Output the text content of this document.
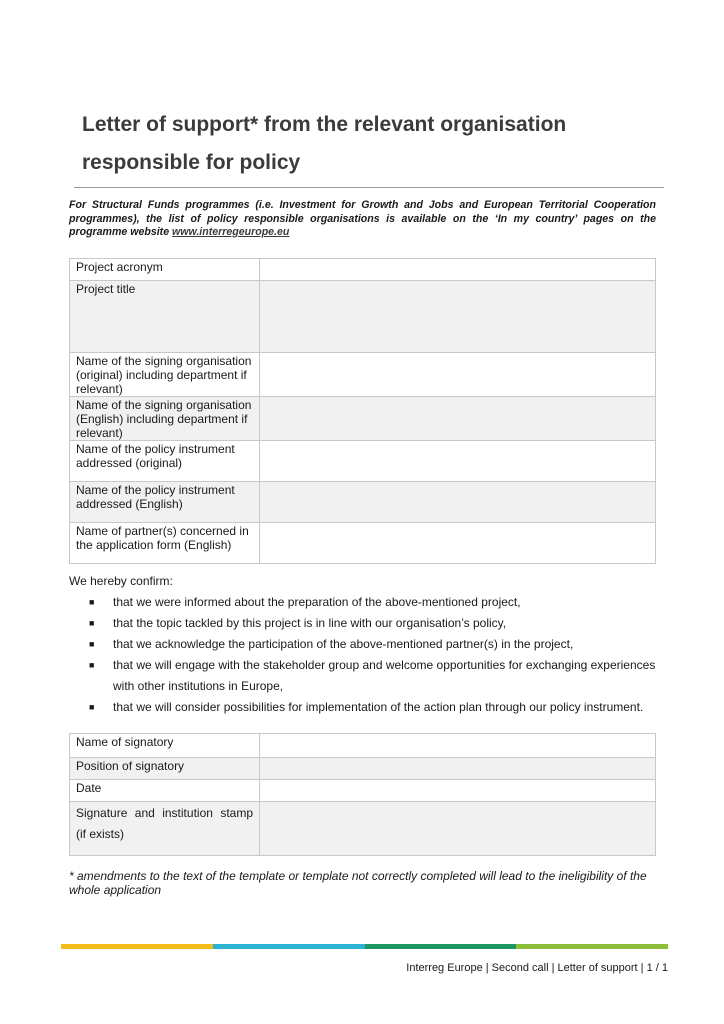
Letter of support* from the relevant organisation
responsible for policy
For Structural Funds programmes (i.e. Investment for Growth and Jobs and European Territorial Cooperation programmes), the list of policy responsible organisations is available on the ‘In my country’ pages on the programme website www.interregeurope.eu
Project acronym	

Project title	

Name of the signing organisation (original) including department if relevant)	

Name of the signing organisation (English) including department if relevant)	

Name of the policy instrument addressed (original)	

Name of the policy instrument addressed (English)	

Name of partner(s) concerned in the application form (English)	

We hereby confirm:
■ that we were informed about the preparation of the above-mentioned project,
■ that the topic tackled by this project is in line with our organisation’s policy,
■ that we acknowledge the participation of the above-mentioned partner(s) in the project,
■ that we will engage with the stakeholder group and welcome opportunities for exchanging experiences with other institutions in Europe,
■ that we will consider possibilities for implementation of the action plan through our policy instrument.
Name of signatory	

Position of signatory	

Date	

Signature and institution stamp (if exists)	

* amendments to the text of the template or template not correctly completed will lead to the ineligibility of the whole application
Interreg Europe | Second call | Letter of support | 1 / 1
